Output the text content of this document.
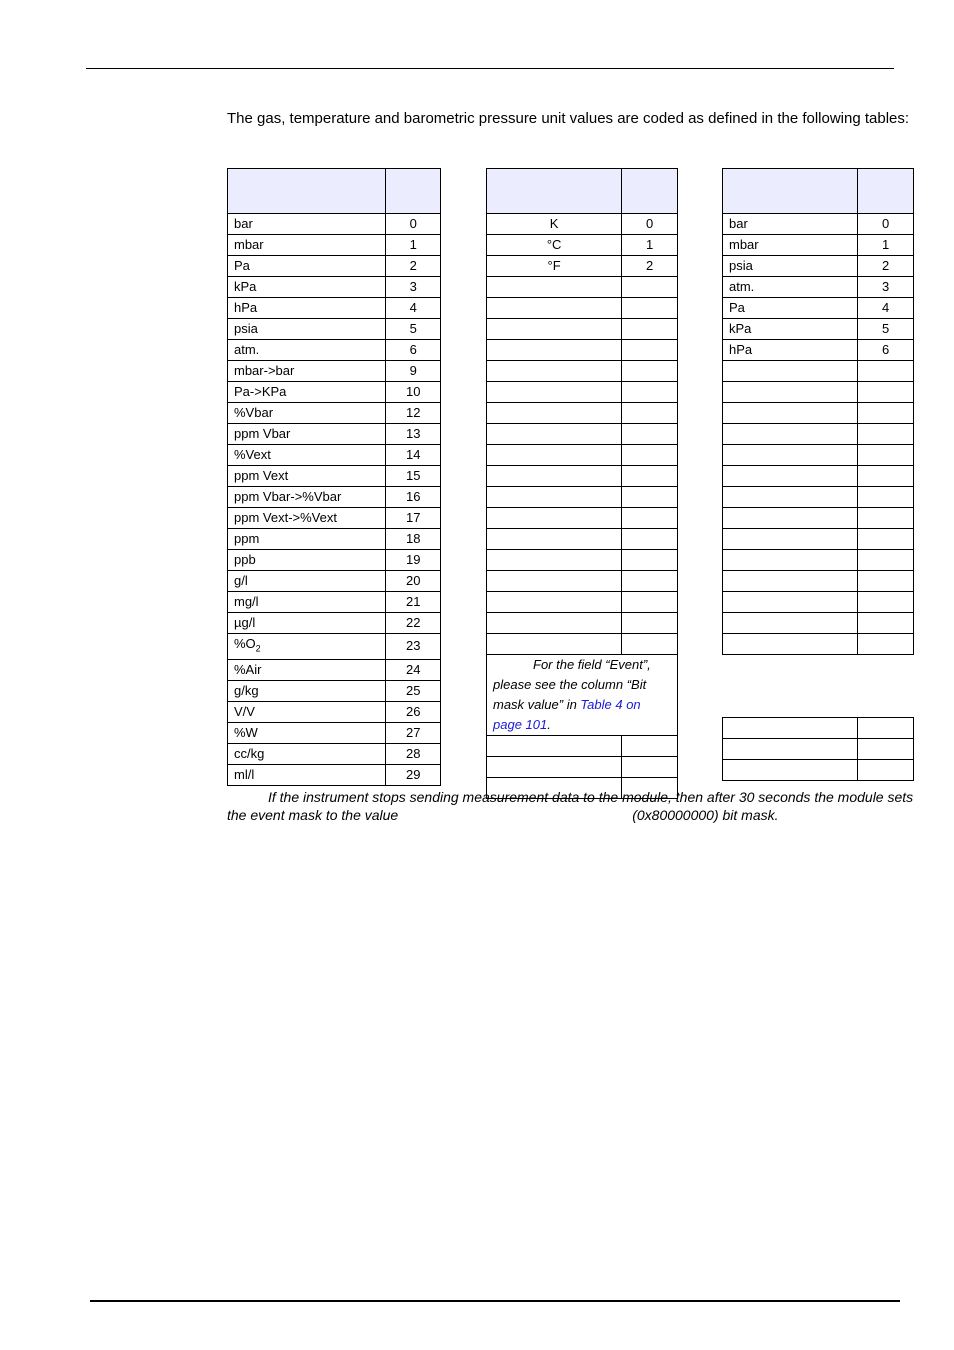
The gas, temperature and barometric pressure unit values are coded as defined in the following tables:

bar	0
mbar	1
Pa	2
kPa	3
hPa	4
psia	5
atm.	6
mbar->bar	9
Pa->KPa	10
%Vbar	12
ppm Vbar	13
%Vext	14
ppm Vext	15
ppm Vbar->%Vbar	16
ppm Vext->%Vext	17
ppm	18
ppb	19
g/l	20
mg/l	21
µg/l	22
$\%O_2$	23
%Air	24
g/kg	25
V/V	26
%W	27
cc/kg	28
ml/l	29

K	0
°C	1
°F	2

For the field “Event”, please see the column “Bit mask value” in Table 4 on page 101.	

bar	0
mbar	1
psia	2
atm.	3
Pa	4
kPa	5
hPa	6

If the instrument stops sending measurement data to the module, then after 30 seconds the module sets the event mask to the value	(0x80000000) bit mask.
